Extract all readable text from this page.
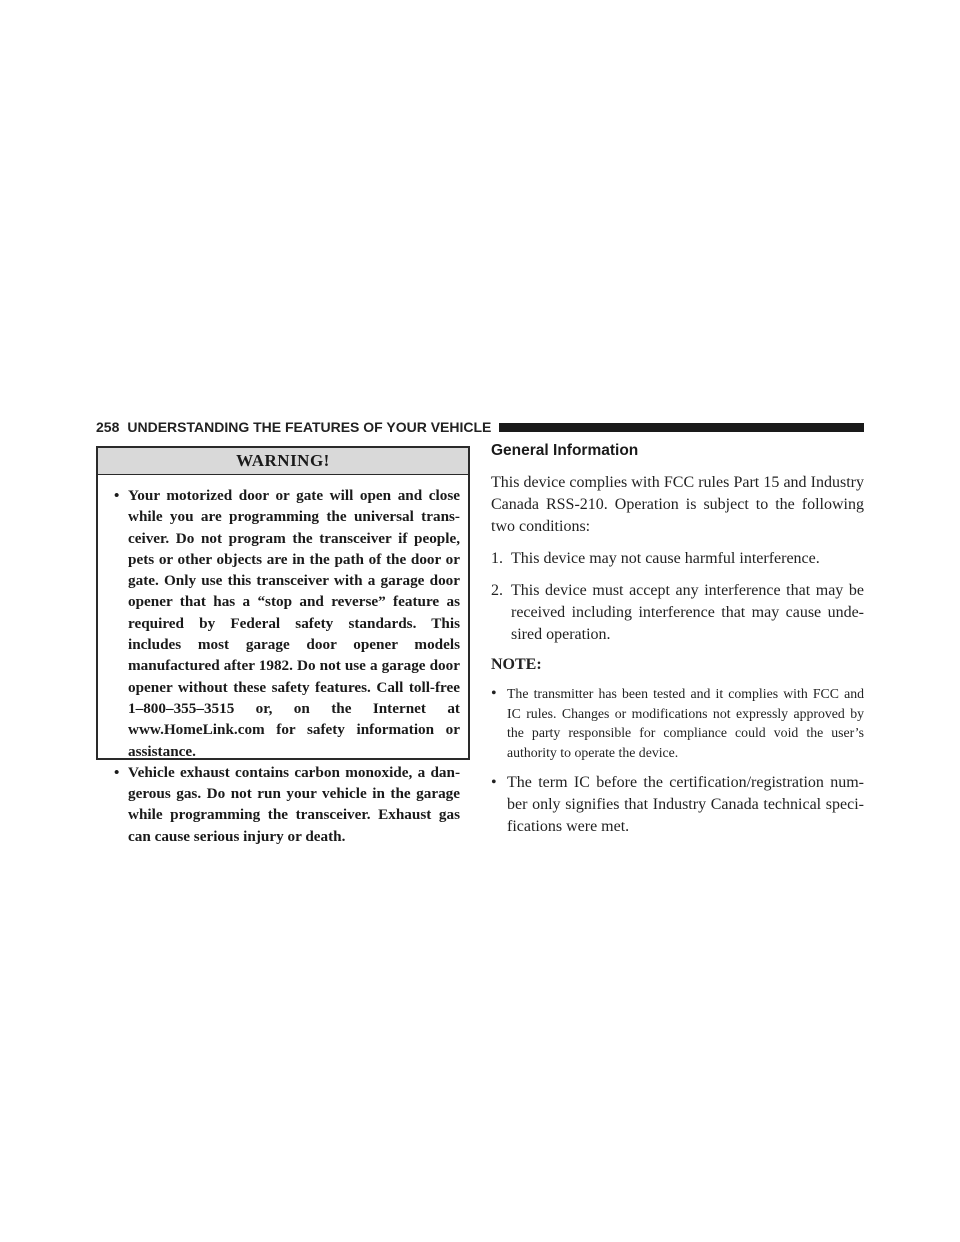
258 UNDERSTANDING THE FEATURES OF YOUR VEHICLE
WARNING!
• Your motorized door or gate will open and close while you are programming the universal trans-ceiver. Do not program the transceiver if people, pets or other objects are in the path of the door or gate. Only use this transceiver with a garage door opener that has a “stop and reverse” feature as required by Federal safety standards. This includes most garage door opener models manufactured after 1982. Do not use a garage door opener without these safety features. Call toll-free 1–800–355–3515 or, on the Internet at www.HomeLink.com for safety information or assistance.
• Vehicle exhaust contains carbon monoxide, a dan-gerous gas. Do not run your vehicle in the garage while programming the transceiver. Exhaust gas can cause serious injury or death.
General Information

This device complies with FCC rules Part 15 and Industry Canada RSS-210. Operation is subject to the following two conditions:

1. This device may not cause harmful interference.
2. This device must accept any interference that may be received including interference that may cause unde-sired operation.
NOTE:
• The transmitter has been tested and it complies with FCC and IC rules. Changes or modifications not expressly approved by the party responsible for compliance could void the user’s authority to operate the device.
• The term IC before the certification/registration num-ber only signifies that Industry Canada technical speci-fications were met.
